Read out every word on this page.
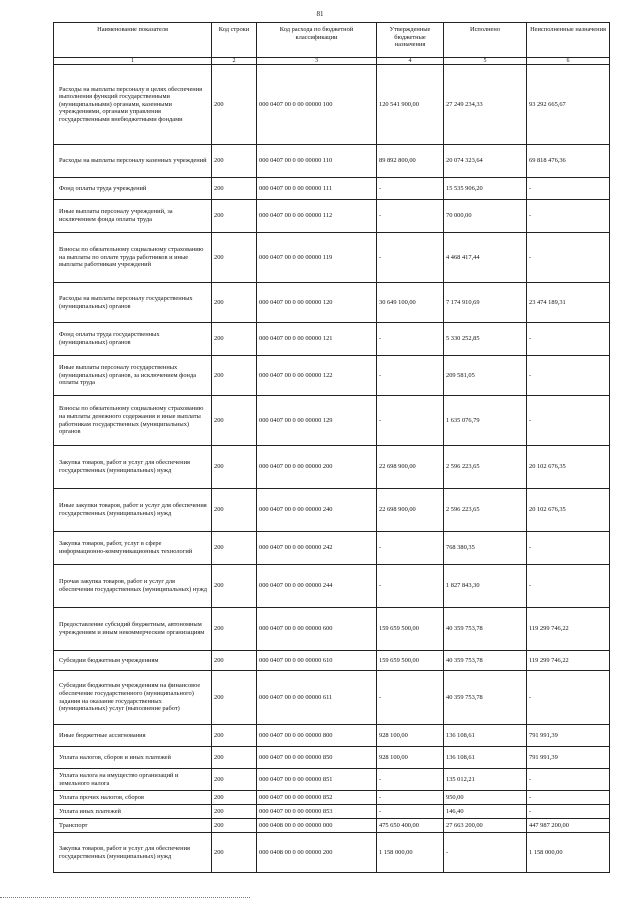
81
Наименование показателя	Код строки	Код расхода по бюджетной классификации	Утвержденные бюджетные назначения	Исполнено	Неисполненные назначения
1	2	3	4	5	6
Расходы на выплаты персоналу в целях обеспечения выполнения функций государственными (муниципальными) органами, казенными учреждениями, органами управления государственными внебюджетными фондами	200	000 0407 00 0 00 00000 100	120 541 900,00	27 249 234,33	93 292 665,67
Расходы на выплаты персоналу казенных учреждений	200	000 0407 00 0 00 00000 110	89 892 800,00	20 074 323,64	69 818 476,36
Фонд оплаты труда учреждений	200	000 0407 00 0 00 00000 111	-	15 535 906,20	-
Иные выплаты персоналу учреждений, за исключением фонда оплаты труда	200	000 0407 00 0 00 00000 112	-	70 000,00	-
Взносы по обязательному социальному страхованию на выплаты по оплате труда работников и иные выплаты работникам учреждений	200	000 0407 00 0 00 00000 119	-	4 468 417,44	-
Расходы на выплаты персоналу государственных (муниципальных) органов	200	000 0407 00 0 00 00000 120	30 649 100,00	7 174 910,69	23 474 189,31
Фонд оплаты труда государственных (муниципальных) органов	200	000 0407 00 0 00 00000 121	-	5 330 252,85	-
Иные выплаты персоналу государственных (муниципальных) органов, за исключением фонда оплаты труда	200	000 0407 00 0 00 00000 122	-	209 581,05	-
Взносы по обязательному социальному страхованию на выплаты денежного содержания и иные выплаты работникам государственных (муниципальных) органов	200	000 0407 00 0 00 00000 129	-	1 635 076,79	-
Закупка товаров, работ и услуг для обеспечения государственных (муниципальных) нужд	200	000 0407 00 0 00 00000 200	22 698 900,00	2 596 223,65	20 102 676,35
Иные закупки товаров, работ и услуг для обеспечения государственных (муниципальных) нужд	200	000 0407 00 0 00 00000 240	22 698 900,00	2 596 223,65	20 102 676,35
Закупка товаров, работ, услуг в сфере информационно-коммуникационных технологий	200	000 0407 00 0 00 00000 242	-	768 380,35	-
Прочая закупка товаров, работ и услуг для обеспечения государственных (муниципальных) нужд	200	000 0407 00 0 00 00000 244	-	1 827 843,30	-
Предоставление субсидий бюджетным, автономным учреждениям и иным некоммерческим организациям	200	000 0407 00 0 00 00000 600	159 659 500,00	40 359 753,78	119 299 746,22
Субсидии бюджетным учреждениям	200	000 0407 00 0 00 00000 610	159 659 500,00	40 359 753,78	119 299 746,22
Субсидии бюджетным учреждениям на финансовое обеспечение государственного (муниципального) задания на оказание государственных (муниципальных) услуг (выполнение работ)	200	000 0407 00 0 00 00000 611	-	40 359 753,78	-
Иные бюджетные ассигнования	200	000 0407 00 0 00 00000 800	928 100,00	136 108,61	791 991,39
Уплата налогов, сборов и иных платежей	200	000 0407 00 0 00 00000 850	928 100,00	136 108,61	791 991,39
Уплата налога на имущество организаций и земельного налога	200	000 0407 00 0 00 00000 851	-	135 012,21	-
Уплата прочих налогов, сборов	200	000 0407 00 0 00 00000 852	-	950,00	-
Уплата иных платежей	200	000 0407 00 0 00 00000 853	-	146,40	-
Транспорт	200	000 0408 00 0 00 00000 000	475 650 400,00	27 663 200,00	447 987 200,00
Закупка товаров, работ и услуг для обеспечения государственных (муниципальных) нужд	200	000 0408 00 0 00 00000 200	1 158 000,00	-	1 158 000,00
